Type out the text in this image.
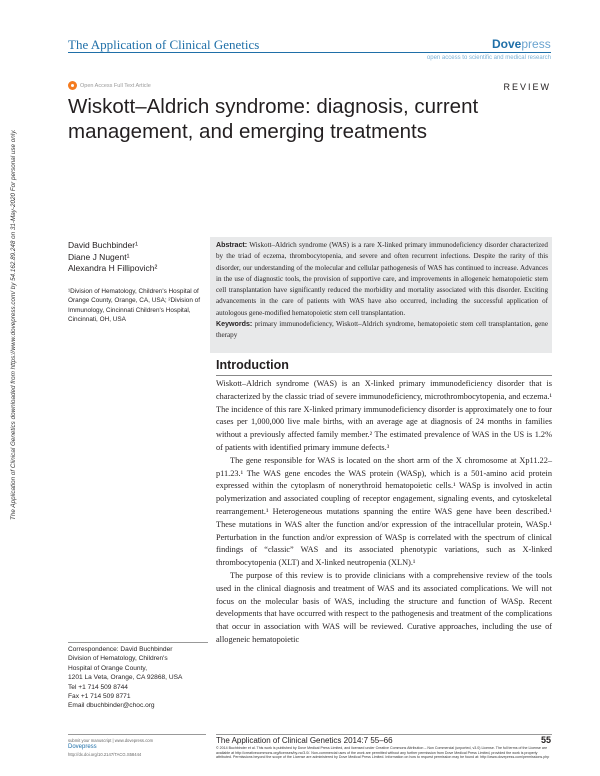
The Application of Clinical Genetics	Dovepress
open access to scientific and medical research
Open Access Full Text Article	REVIEW
Wiskott–Aldrich syndrome: diagnosis, current management, and emerging treatments
The Application of Clinical Genetics downloaded from https://www.dovepress.com/ by 54.162.89.248 on 31-May-2020 For personal use only.	David Buchbinder¹
Diane J Nugent¹
Alexandra H Fillipovich²
¹Division of Hematology, Children's Hospital of Orange County, Orange, CA, USA; ²Division of Immunology, Cincinnati Children's Hospital, Cincinnati, OH, USA
Abstract: Wiskott–Aldrich syndrome (WAS) is a rare X-linked primary immunodeficiency disorder characterized by the triad of eczema, thrombocytopenia, and severe and often recurrent infections. Despite the rarity of this disorder, our understanding of the molecular and cellular pathogenesis of WAS has continued to increase. Advances in the use of diagnostic tools, the provision of supportive care, and improvements in allogeneic hematopoietic stem cell transplantation have significantly reduced the morbidity and mortality associated with this disorder. Exciting advancements in the care of patients with WAS have also occurred, including the successful application of autologous gene-modified hematopoietic stem cell transplantation.
Keywords: primary immunodeficiency, Wiskott–Aldrich syndrome, hematopoietic stem cell transplantation, gene therapy
Introduction

Wiskott–Aldrich syndrome (WAS) is an X-linked primary immunodeficiency disorder that is characterized by the classic triad of severe immunodeficiency, microthrombocytopenia, and eczema.¹ The incidence of this rare X-linked primary immunodeficiency disorder is approximately one to four cases per 1,000,000 live male births, with an average age at diagnosis of 24 months in families without a previously affected family member.² The estimated prevalence of WAS in the US is 1.2% of patients with identified primary immune defects.³

The gene responsible for WAS is located on the short arm of the X chromosome at Xp11.22–p11.23.¹ The WAS gene encodes the WAS protein (WASp), which is a 501-amino acid protein expressed within the cytoplasm of nonerythroid hematopoietic cells.¹ WASp is involved in actin polymerization and associated coupling of receptor engagement, signaling events, and cytoskeletal rearrangement.¹ Heterogeneous mutations spanning the entire WAS gene have been described.¹ These mutations in WAS alter the function and/or expression of the intracellular protein, WASp.¹ Perturbation in the function and/or expression of WASp is correlated with the spectrum of clinical findings of “classic” WAS and its associated phenotypic variations, such as X-linked thrombocytopenia (XLT) and X-linked neutropenia (XLN).¹

The purpose of this review is to provide clinicians with a comprehensive review of the tools used in the clinical diagnosis and treatment of WAS and its associated complications. We will not focus on the molecular basis of WAS, including the structure and function of WASp. Recent developments that have occurred with respect to the pathogenesis and treatment of the complications that occur in association with WAS will be reviewed. Curative approaches, including the use of allogeneic hematopoietic

Correspondence: David Buchbinder
Division of Hematology, Children's
Hospital of Orange County,
1201 La Veta, Orange, CA 92868, USA
Tel +1 714 509 8744
Fax +1 714 509 8771
Email dbuchbinder@choc.org
submit your manuscript | www.dovepress.com
Dovepress
http://dx.doi.org/10.2147/TACG.S58444
The Application of Clinical Genetics 2014:7 55–66	55
© 2014 Buchbinder et al. This work is published by Dove Medical Press Limited, and licensed under Creative Commons Attribution – Non Commercial (unported, v3.0) License. The full terms of the License are available at http://creativecommons.org/licenses/by-nc/3.0/. Non-commercial uses of the work are permitted without any further permission from Dove Medical Press Limited, provided the work is properly attributed. Permissions beyond the scope of the License are administered by Dove Medical Press Limited. Information on how to request permission may be found at: http://www.dovepress.com/permissions.php
